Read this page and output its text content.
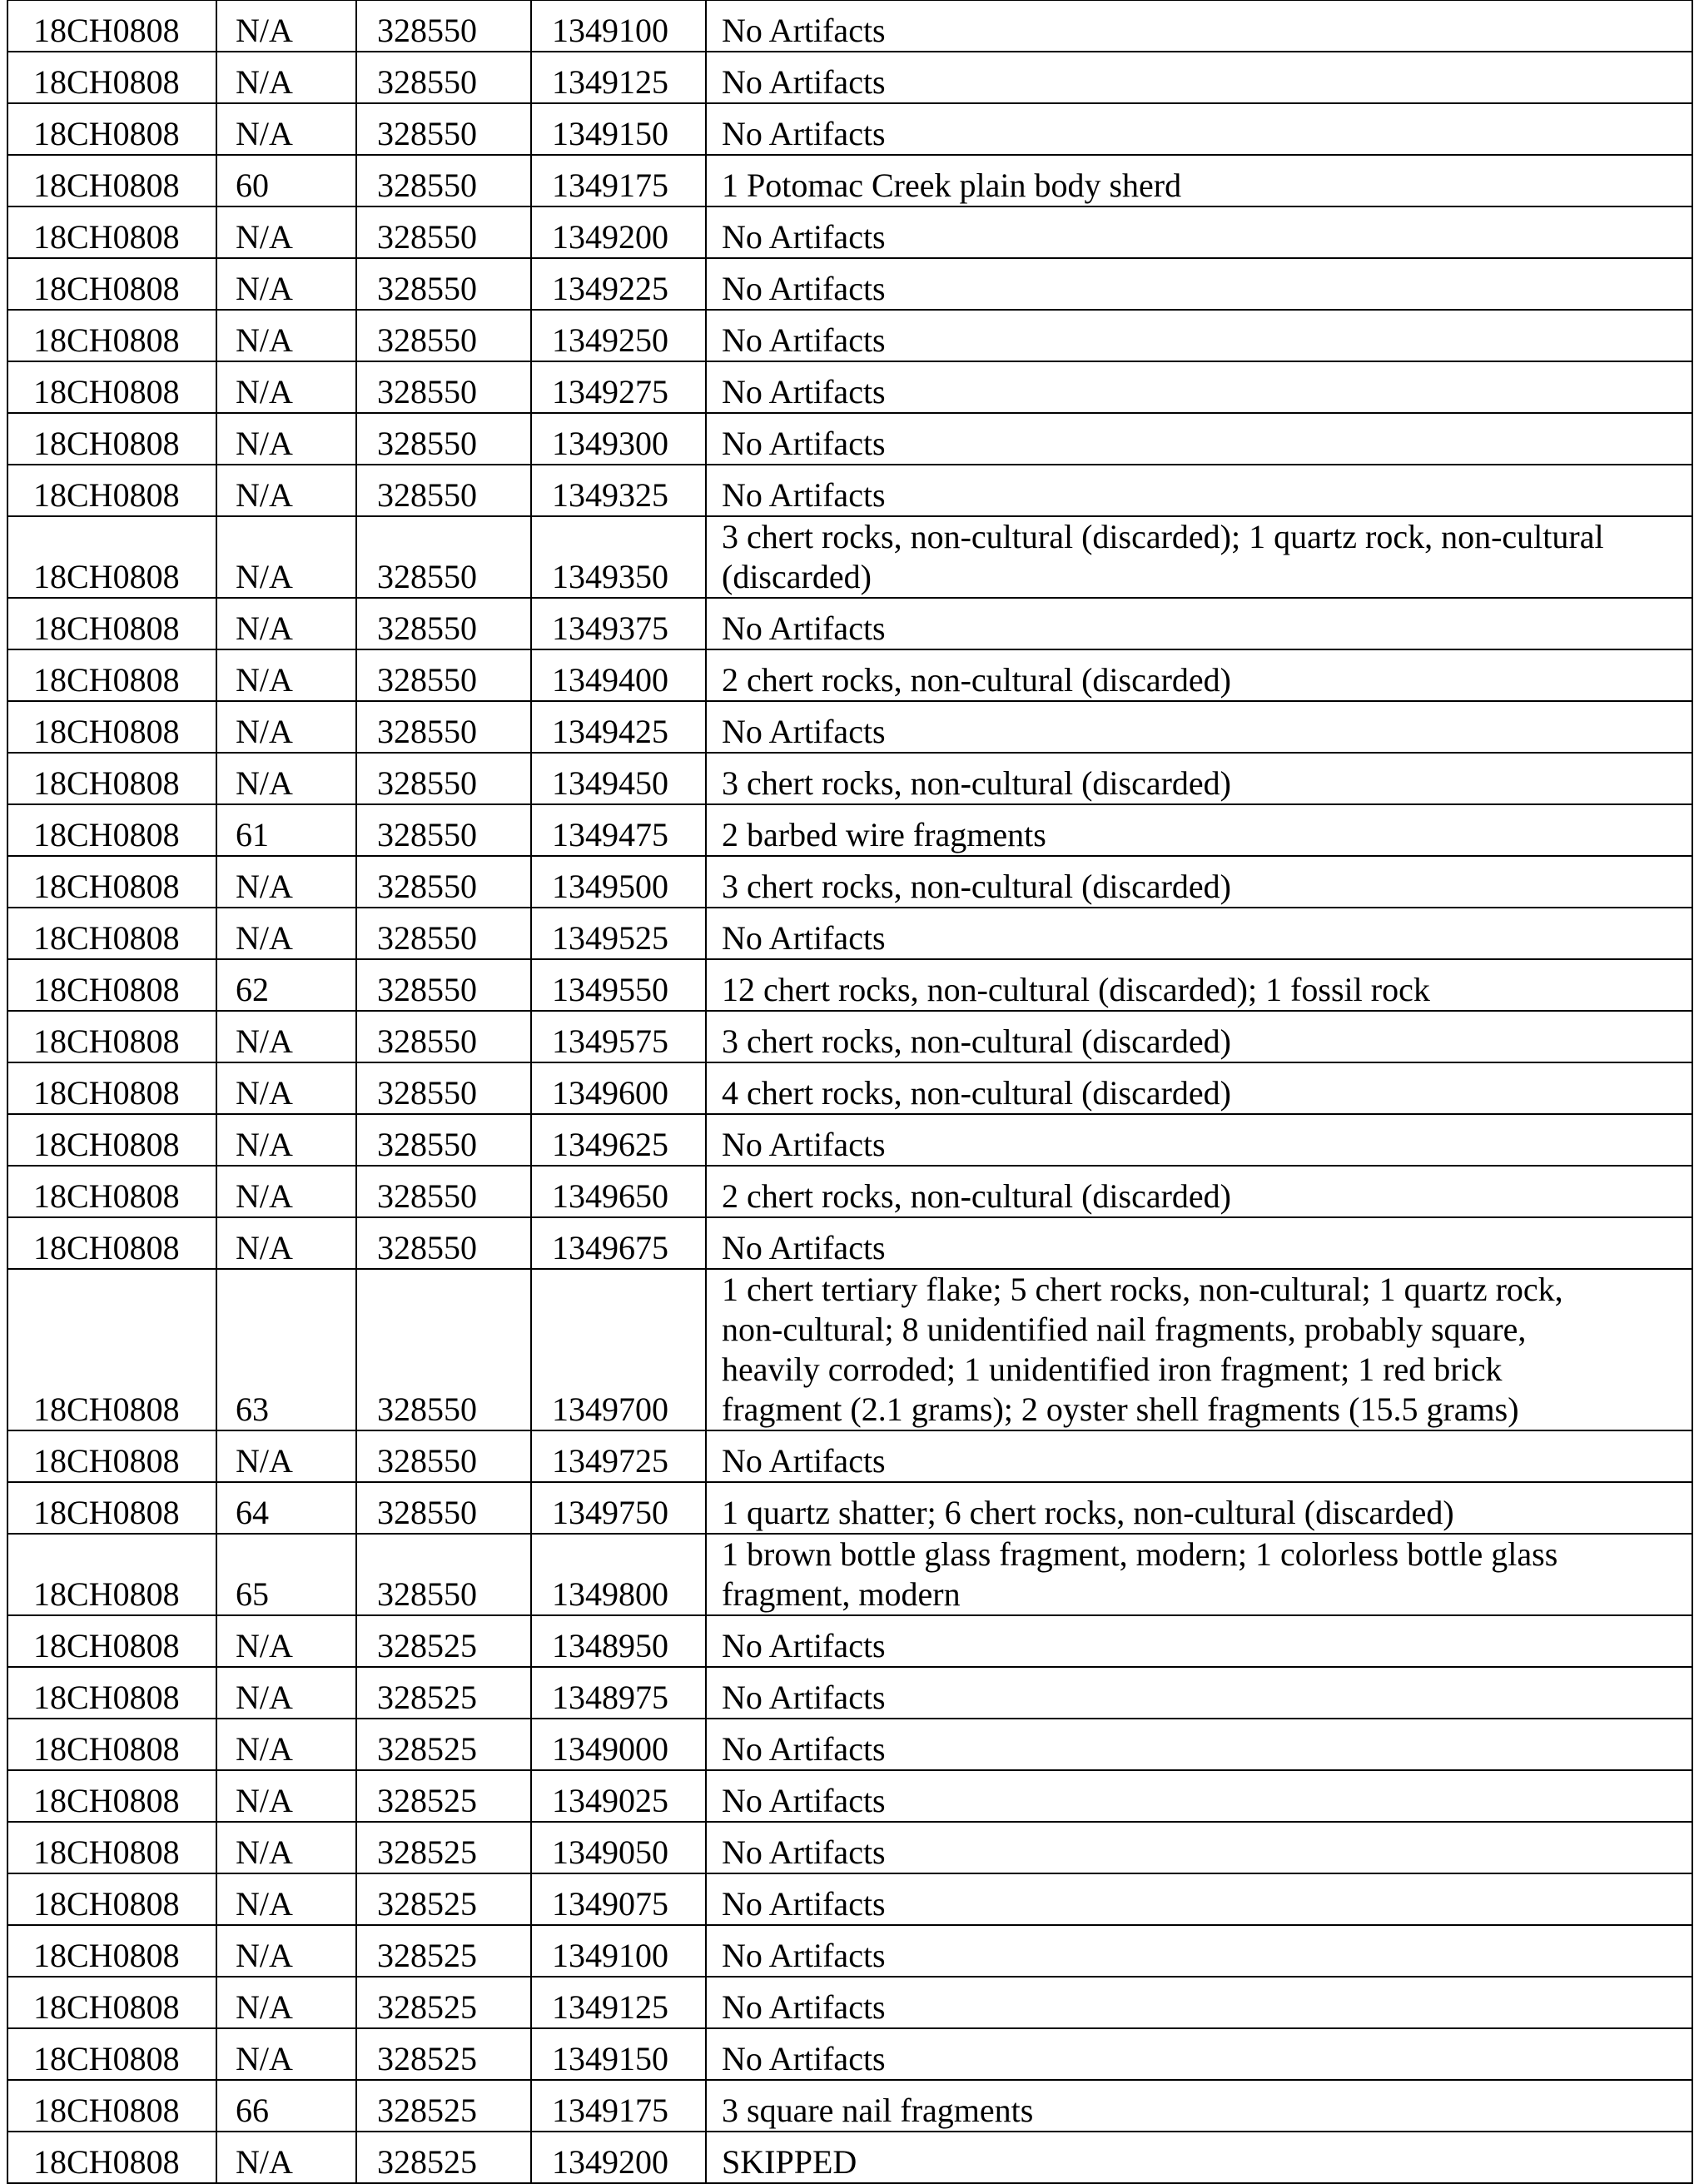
18CH0808	N/A	328550	1349100	No Artifacts

18CH0808	N/A	328550	1349125	No Artifacts

18CH0808	N/A	328550	1349150	No Artifacts

18CH0808	60	328550	1349175	1 Potomac Creek plain body sherd

18CH0808	N/A	328550	1349200	No Artifacts

18CH0808	N/A	328550	1349225	No Artifacts

18CH0808	N/A	328550	1349250	No Artifacts

18CH0808	N/A	328550	1349275	No Artifacts

18CH0808	N/A	328550	1349300	No Artifacts

18CH0808	N/A	328550	1349325	No Artifacts

18CH0808	N/A	328550	1349350	3 chert rocks, non-cultural (discarded); 1 quartz rock, non-cultural
(discarded)

18CH0808	N/A	328550	1349375	No Artifacts

18CH0808	N/A	328550	1349400	2 chert rocks, non-cultural (discarded)

18CH0808	N/A	328550	1349425	No Artifacts

18CH0808	N/A	328550	1349450	3 chert rocks, non-cultural (discarded)

18CH0808	61	328550	1349475	2 barbed wire fragments

18CH0808	N/A	328550	1349500	3 chert rocks, non-cultural (discarded)

18CH0808	N/A	328550	1349525	No Artifacts

18CH0808	62	328550	1349550	12 chert rocks, non-cultural (discarded); 1 fossil rock

18CH0808	N/A	328550	1349575	3 chert rocks, non-cultural (discarded)

18CH0808	N/A	328550	1349600	4 chert rocks, non-cultural (discarded)

18CH0808	N/A	328550	1349625	No Artifacts

18CH0808	N/A	328550	1349650	2 chert rocks, non-cultural (discarded)

18CH0808	N/A	328550	1349675	No Artifacts

18CH0808	63	328550	1349700	1 chert tertiary flake; 5 chert rocks, non-cultural; 1 quartz rock,
non-cultural; 8 unidentified nail fragments, probably square,
heavily corroded; 1 unidentified iron fragment; 1 red brick
fragment (2.1 grams); 2 oyster shell fragments (15.5 grams)

18CH0808	N/A	328550	1349725	No Artifacts

18CH0808	64	328550	1349750	1 quartz shatter; 6 chert rocks, non-cultural (discarded)

18CH0808	65	328550	1349800	1 brown bottle glass fragment, modern; 1 colorless bottle glass
fragment, modern

18CH0808	N/A	328525	1348950	No Artifacts

18CH0808	N/A	328525	1348975	No Artifacts

18CH0808	N/A	328525	1349000	No Artifacts

18CH0808	N/A	328525	1349025	No Artifacts

18CH0808	N/A	328525	1349050	No Artifacts

18CH0808	N/A	328525	1349075	No Artifacts

18CH0808	N/A	328525	1349100	No Artifacts

18CH0808	N/A	328525	1349125	No Artifacts

18CH0808	N/A	328525	1349150	No Artifacts

18CH0808	66	328525	1349175	3 square nail fragments

18CH0808	N/A	328525	1349200	SKIPPED
